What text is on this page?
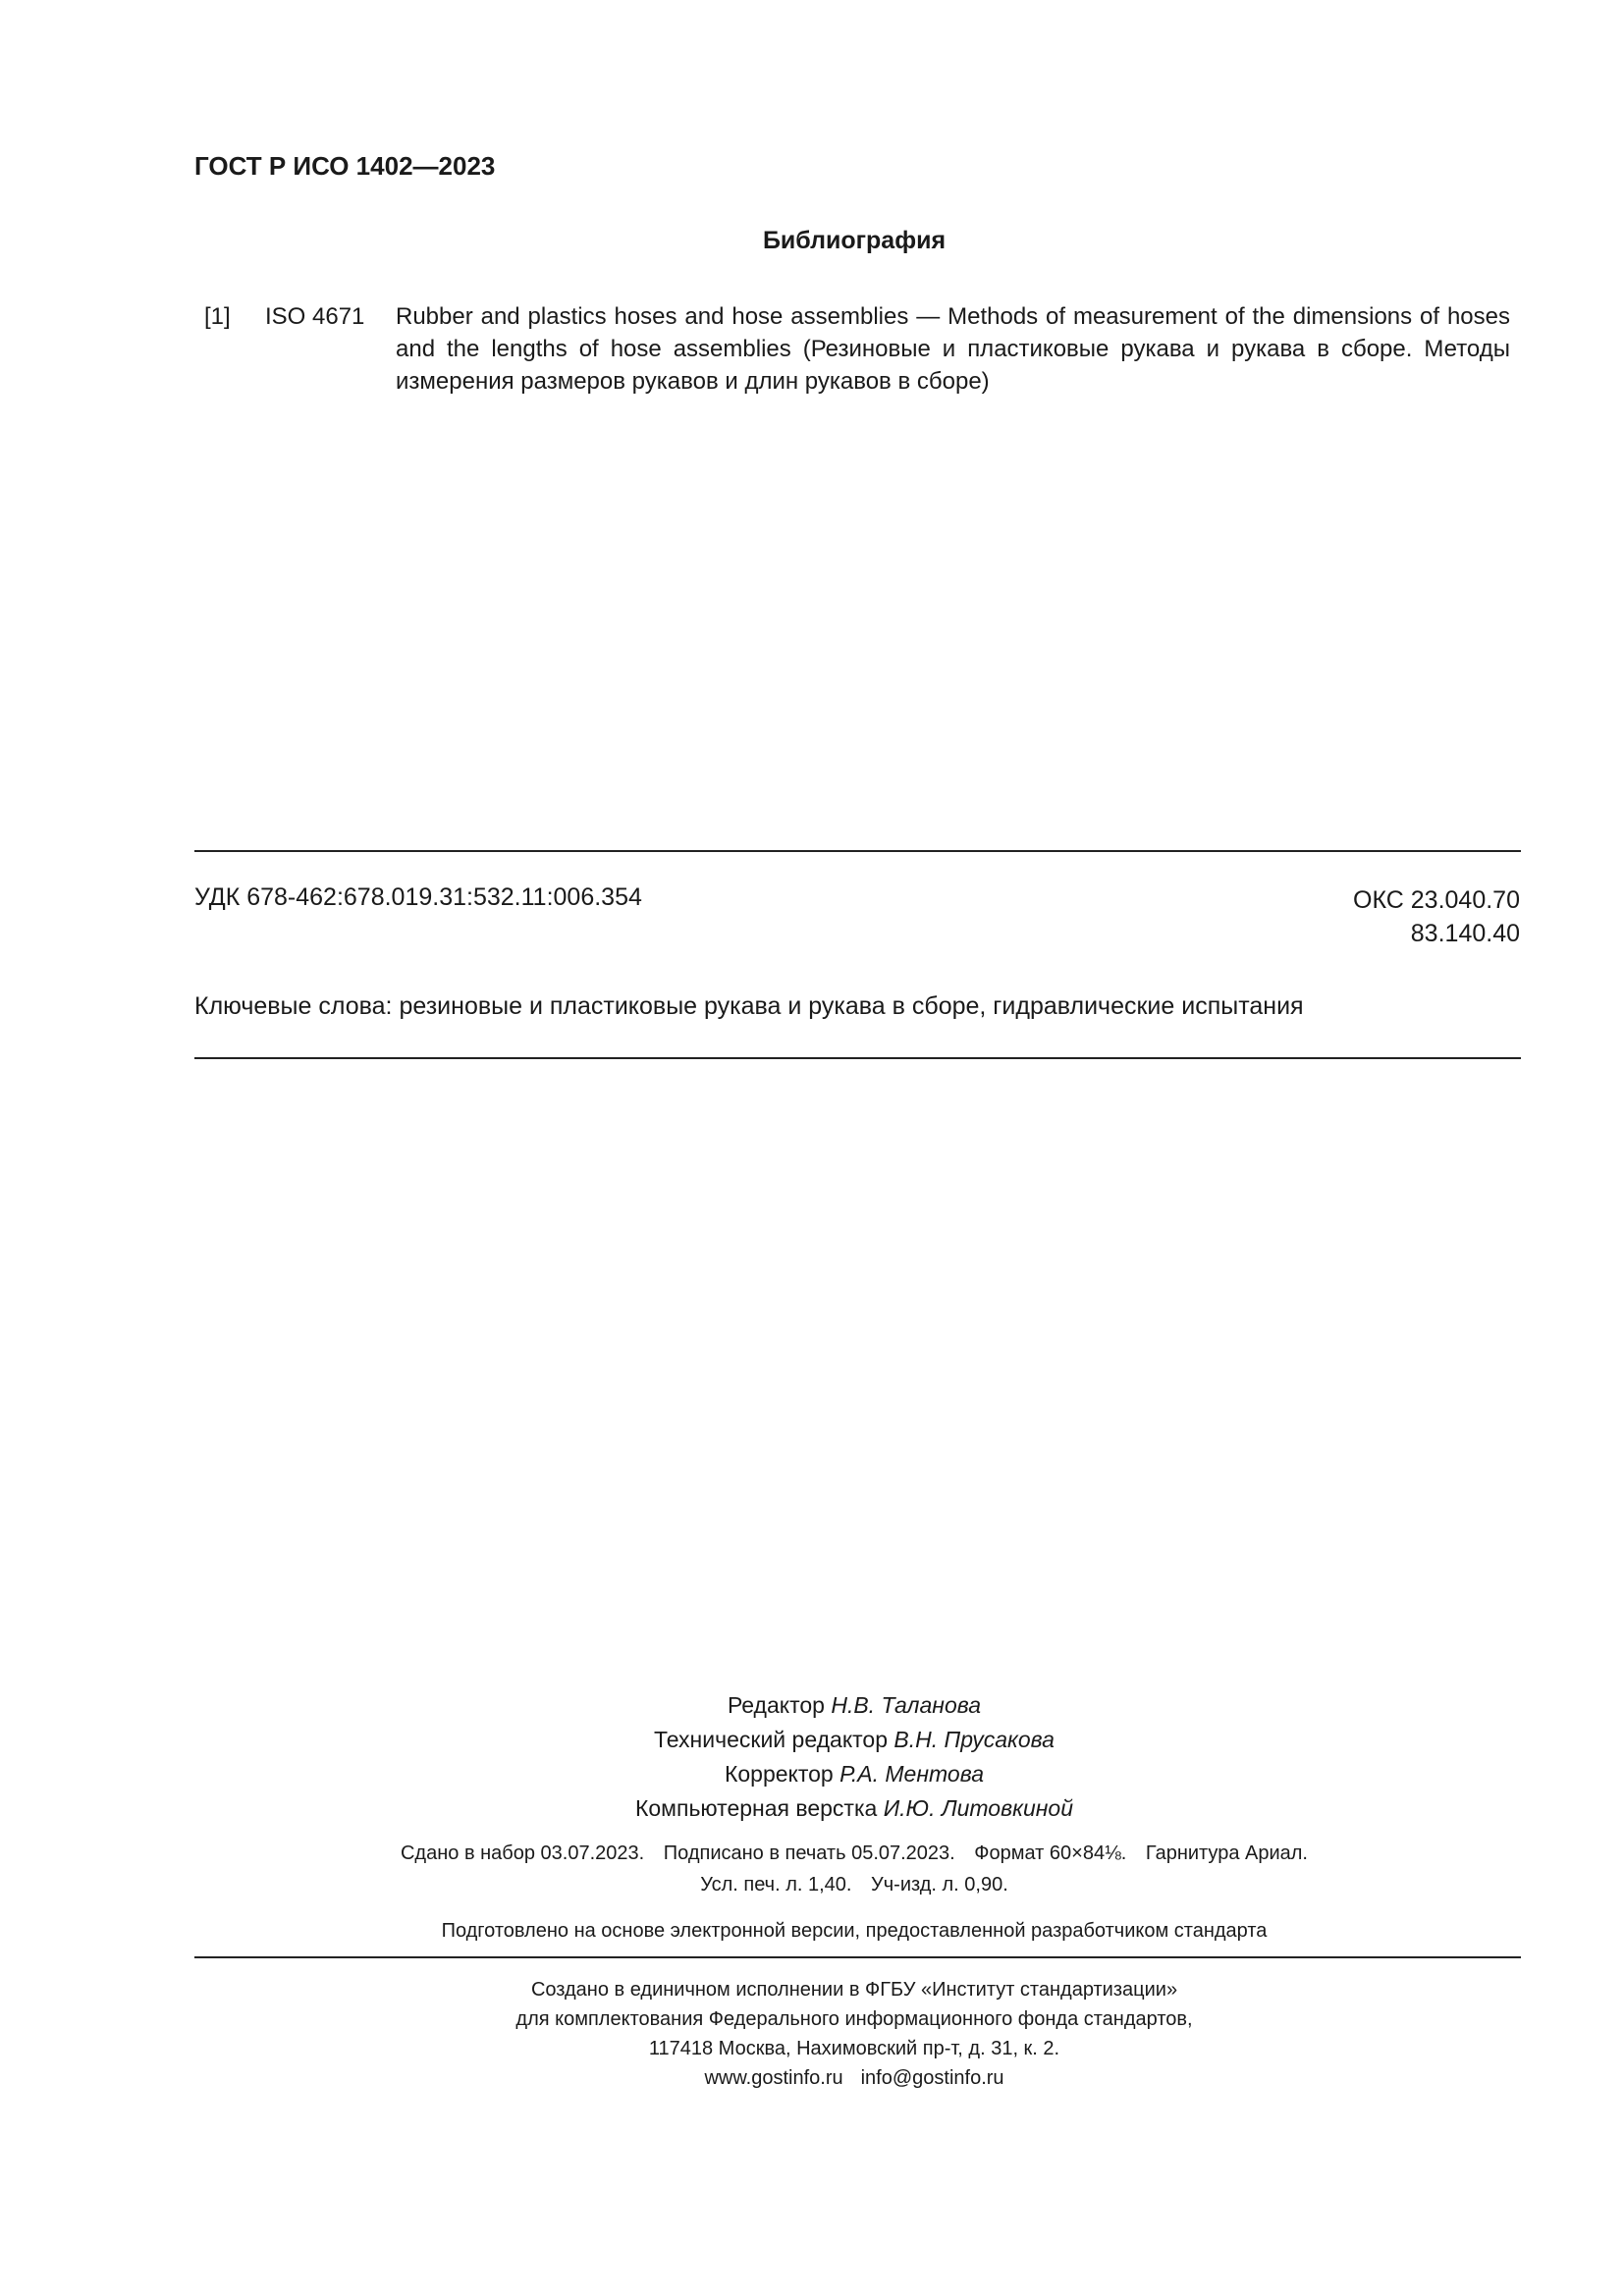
ГОСТ Р ИСО 1402—2023
Библиография
[1]	ISO 4671	Rubber and plastics hoses and hose assemblies — Methods of measurement of the dimensions of hoses and the lengths of hose assemblies (Резиновые и пластиковые рукава и рукава в сборе. Методы измерения размеров рукавов и длин рукавов в сборе)
УДК 678-462:678.019.31:532.11:006.354	ОКС 23.040.70
83.140.40
Ключевые слова: резиновые и пластиковые рукава и рукава в сборе, гидравлические испытания
Редактор Н.В. Таланова
Технический редактор В.Н. Прусакова
Корректор Р.А. Ментова
Компьютерная верстка И.Ю. Литовкиной
Сдано в набор 03.07.2023. Подписано в печать 05.07.2023. Формат 60×84⅛. Гарнитура Ариал.
Усл. печ. л. 1,40. Уч-изд. л. 0,90.
Подготовлено на основе электронной версии, предоставленной разработчиком стандарта
Создано в единичном исполнении в ФГБУ «Институт стандартизации»
для комплектования Федерального информационного фонда стандартов,
117418 Москва, Нахимовский пр-т, д. 31, к. 2.
www.gostinfo.ru info@gostinfo.ru
